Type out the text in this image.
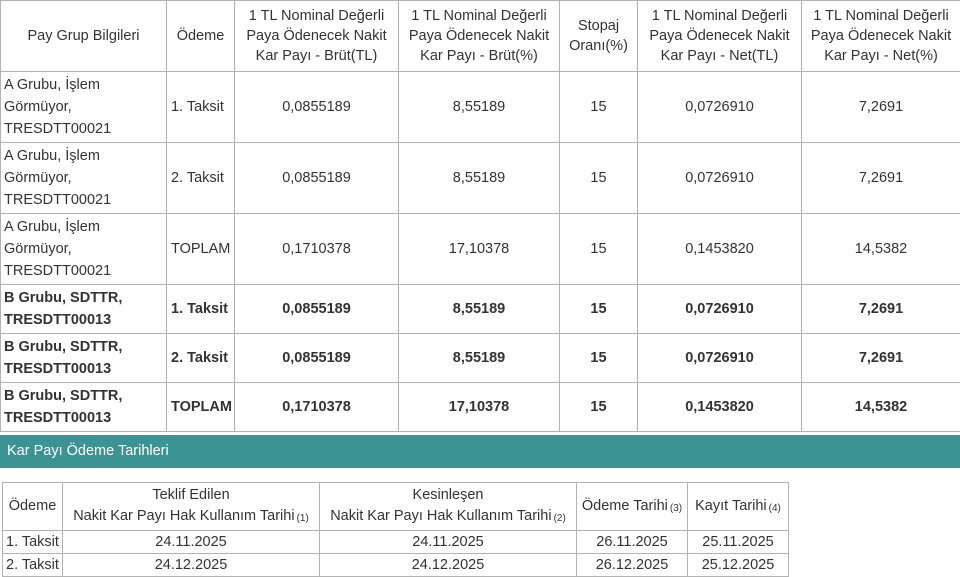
Pay Grup Bilgileri	Ödeme	1 TL Nominal Değerli
Paya Ödenecek Nakit
Kar Payı - Brüt(TL)	1 TL Nominal Değerli
Paya Ödenecek Nakit
Kar Payı - Brüt(%)	Stopaj
Oranı(%)	1 TL Nominal Değerli
Paya Ödenecek Nakit
Kar Payı - Net(TL)	1 TL Nominal Değerli
Paya Ödenecek Nakit
Kar Payı - Net(%)
A Grubu, İşlem
Görmüyor,
TRESDTT00021	1. Taksit	0,0855189	8,55189	15	0,0726910	7,2691
A Grubu, İşlem
Görmüyor,
TRESDTT00021	2. Taksit	0,0855189	8,55189	15	0,0726910	7,2691
A Grubu, İşlem
Görmüyor,
TRESDTT00021	TOPLAM	0,1710378	17,10378	15	0,1453820	14,5382
B Grubu, SDTTR,
TRESDTT00013	1. Taksit	0,0855189	8,55189	15	0,0726910	7,2691
B Grubu, SDTTR,
TRESDTT00013	2. Taksit	0,0855189	8,55189	15	0,0726910	7,2691
B Grubu, SDTTR,
TRESDTT00013	TOPLAM	0,1710378	17,10378	15	0,1453820	14,5382
Kar Payı Ödeme Tarihleri
Ödeme	Teklif Edilen
Nakit Kar Payı Hak Kullanım Tarihi $^{(1)}$	Kesinleşen
Nakit Kar Payı Hak Kullanım Tarihi $^{(2)}$	Ödeme Tarihi $^{(3)}$	Kayıt Tarihi $^{(4)}$
1. Taksit	24.11.2025	24.11.2025	26.11.2025	25.11.2025
2. Taksit	24.12.2025	24.12.2025	26.12.2025	25.12.2025
